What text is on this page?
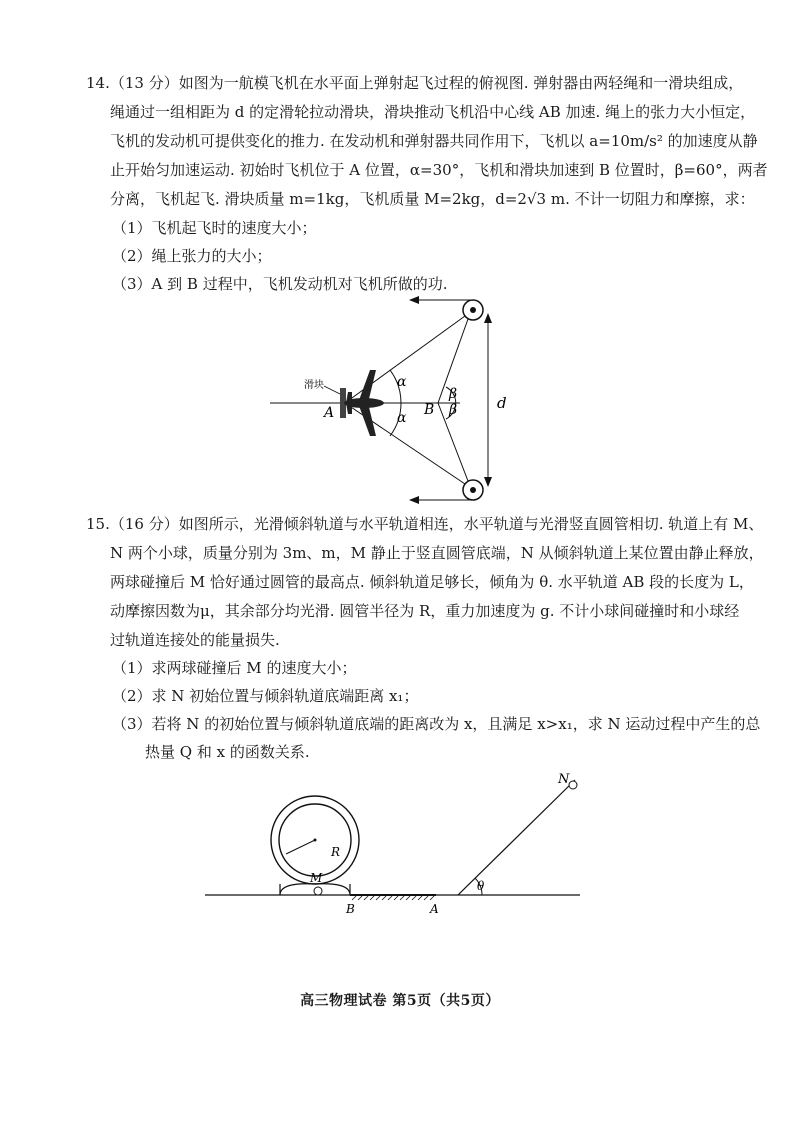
14.（13 分）如图为一航模飞机在水平面上弹射起飞过程的俯视图. 弹射器由两轻绳和一滑块组成，
绳通过一组相距为 d 的定滑轮拉动滑块，滑块推动飞机沿中心线 AB 加速. 绳上的张力大小恒定，
飞机的发动机可提供变化的推力. 在发动机和弹射器共同作用下，飞机以 a=10m/s² 的加速度从静
止开始匀加速运动. 初始时飞机位于 A 位置，α=30°，飞机和滑块加速到 B 位置时，β=60°，两者
分离，飞机起飞. 滑块质量 m=1kg，飞机质量 M=2kg，d=2√3 m. 不计一切阻力和摩擦，求：
（1）飞机起飞时的速度大小；
（2）绳上张力的大小；
（3）A 到 B 过程中，飞机发动机对飞机所做的功.
滑块
A	B
α
α
β
β	d
15.（16 分）如图所示，光滑倾斜轨道与水平轨道相连，水平轨道与光滑竖直圆管相切. 轨道上有 M、
N 两个小球，质量分别为 3m、m，M 静止于竖直圆管底端，N 从倾斜轨道上某位置由静止释放，
两球碰撞后 M 恰好通过圆管的最高点. 倾斜轨道足够长，倾角为 θ. 水平轨道 AB 段的长度为 L，
动摩擦因数为μ，其余部分均光滑. 圆管半径为 R，重力加速度为 g. 不计小球间碰撞时和小球经
过轨道连接处的能量损失.
（1）求两球碰撞后 M 的速度大小；
（2）求 N 初始位置与倾斜轨道底端距离 x₁；
（3）若将 N 的初始位置与倾斜轨道底端的距离改为 x，且满足 x>x₁，求 N 运动过程中产生的总
热量 Q 和 x 的函数关系.
N
M
R
B	A
θ
高三物理试卷 第5页（共5页）
